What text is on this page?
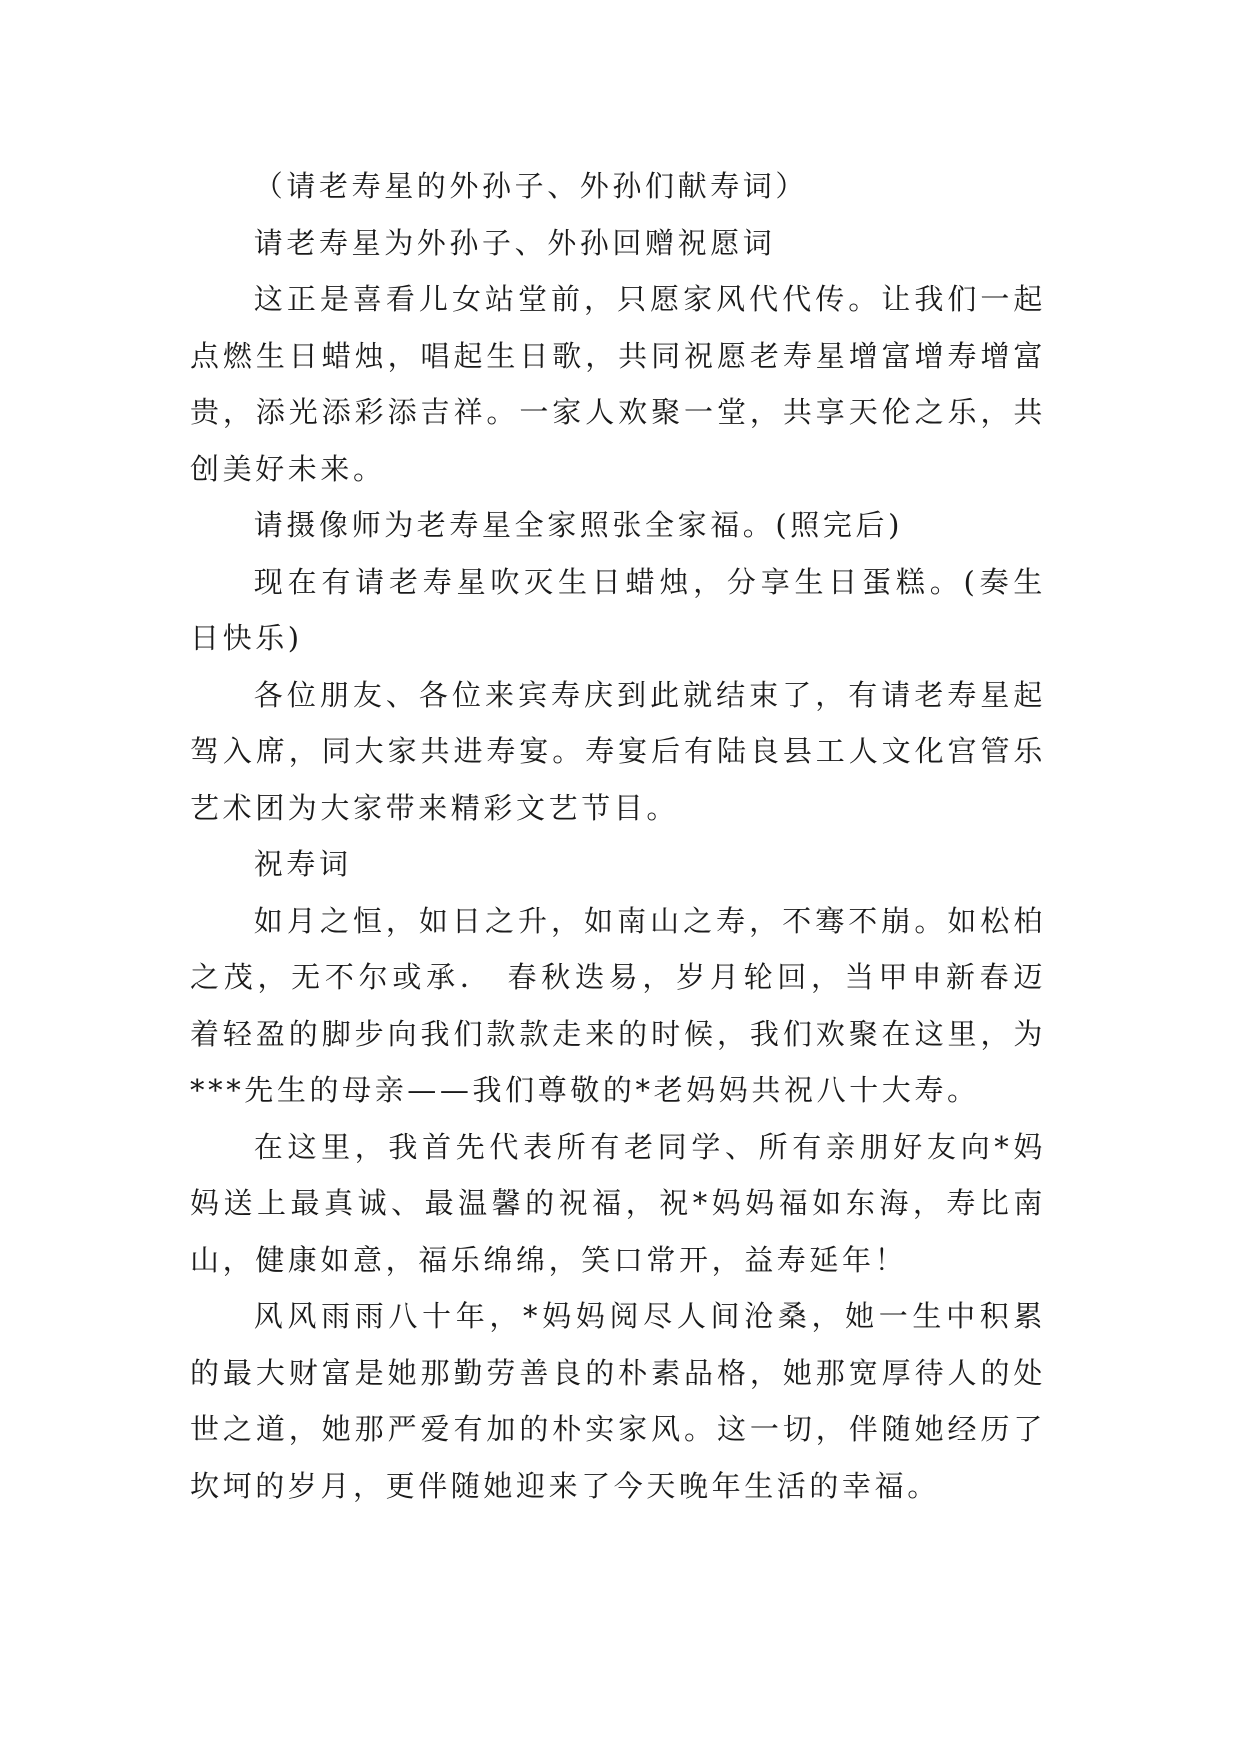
（请老寿星的外孙子、外孙们献寿词）

请老寿星为外孙子、外孙回赠祝愿词

这正是喜看儿女站堂前，只愿家风代代传。让我们一起点燃生日蜡烛，唱起生日歌，共同祝愿老寿星增富增寿增富贵，添光添彩添吉祥。一家人欢聚一堂，共享天伦之乐，共创美好未来。

请摄像师为老寿星全家照张全家福。(照完后)

现在有请老寿星吹灭生日蜡烛，分享生日蛋糕。(奏生日快乐)

各位朋友、各位来宾寿庆到此就结束了，有请老寿星起驾入席，同大家共进寿宴。寿宴后有陆良县工人文化宫管乐艺术团为大家带来精彩文艺节目。

祝寿词

如月之恒，如日之升，如南山之寿，不骞不崩。如松柏之茂，无不尔或承． 春秋迭易，岁月轮回，当甲申新春迈着轻盈的脚步向我们款款走来的时候，我们欢聚在这里，为***先生的母亲——我们尊敬的*老妈妈共祝八十大寿。

在这里，我首先代表所有老同学、所有亲朋好友向*妈妈送上最真诚、最温馨的祝福，祝*妈妈福如东海，寿比南山，健康如意，福乐绵绵，笑口常开，益寿延年！

风风雨雨八十年，*妈妈阅尽人间沧桑，她一生中积累的最大财富是她那勤劳善良的朴素品格，她那宽厚待人的处世之道，她那严爱有加的朴实家风。这一切，伴随她经历了坎坷的岁月，更伴随她迎来了今天晚年生活的幸福。
